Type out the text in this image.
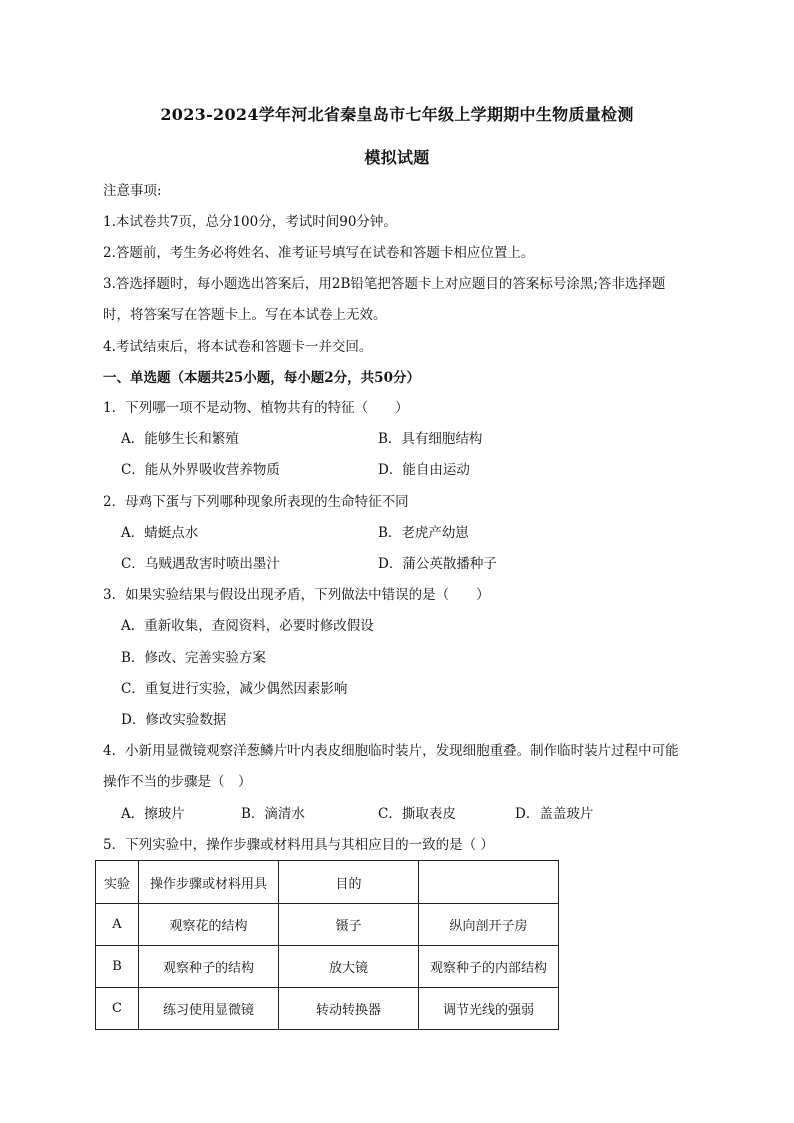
2023-2024学年河北省秦皇岛市七年级上学期期中生物质量检测
模拟试题
注意事项:
1.本试卷共7页，总分100分，考试时间90分钟。
2.答题前，考生务必将姓名、准考证号填写在试卷和答题卡相应位置上。
3.答选择题时，每小题选出答案后，用2B铅笔把答题卡上对应题目的答案标号涂黑;答非选择题
时，将答案写在答题卡上。写在本试卷上无效。
4.考试结束后，将本试卷和答题卡一并交回。
一、单选题（本题共25小题，每小题2分，共50分）
1．下列哪一项不是动物、植物共有的特征（　　）
A．能够生长和繁殖	B．具有细胞结构
C．能从外界吸收营养物质	D．能自由运动
2．母鸡下蛋与下列哪种现象所表现的生命特征不同
A．蜻蜓点水	B．老虎产幼崽
C．乌贼遇敌害时喷出墨汁	D．蒲公英散播种子
3．如果实验结果与假设出现矛盾，下列做法中错误的是（　　）
A．重新收集，查阅资料，必要时修改假设
B．修改、完善实验方案
C．重复进行实验，减少偶然因素影响
D．修改实验数据
4．小新用显微镜观察洋葱鳞片叶内表皮细胞临时装片，发现细胞重叠。制作临时装片过程中可能
操作不当的步骤是（　）
A．擦玻片	B．滴清水	C．撕取表皮	D．盖盖玻片
5．下列实验中，操作步骤或材料用具与其相应目的一致的是（ ）
实验	操作步骤或材料用具	目的	
A	观察花的结构	镊子	纵向剖开子房
B	观察种子的结构	放大镜	观察种子的内部结构
C	练习使用显微镜	转动转换器	调节光线的强弱
